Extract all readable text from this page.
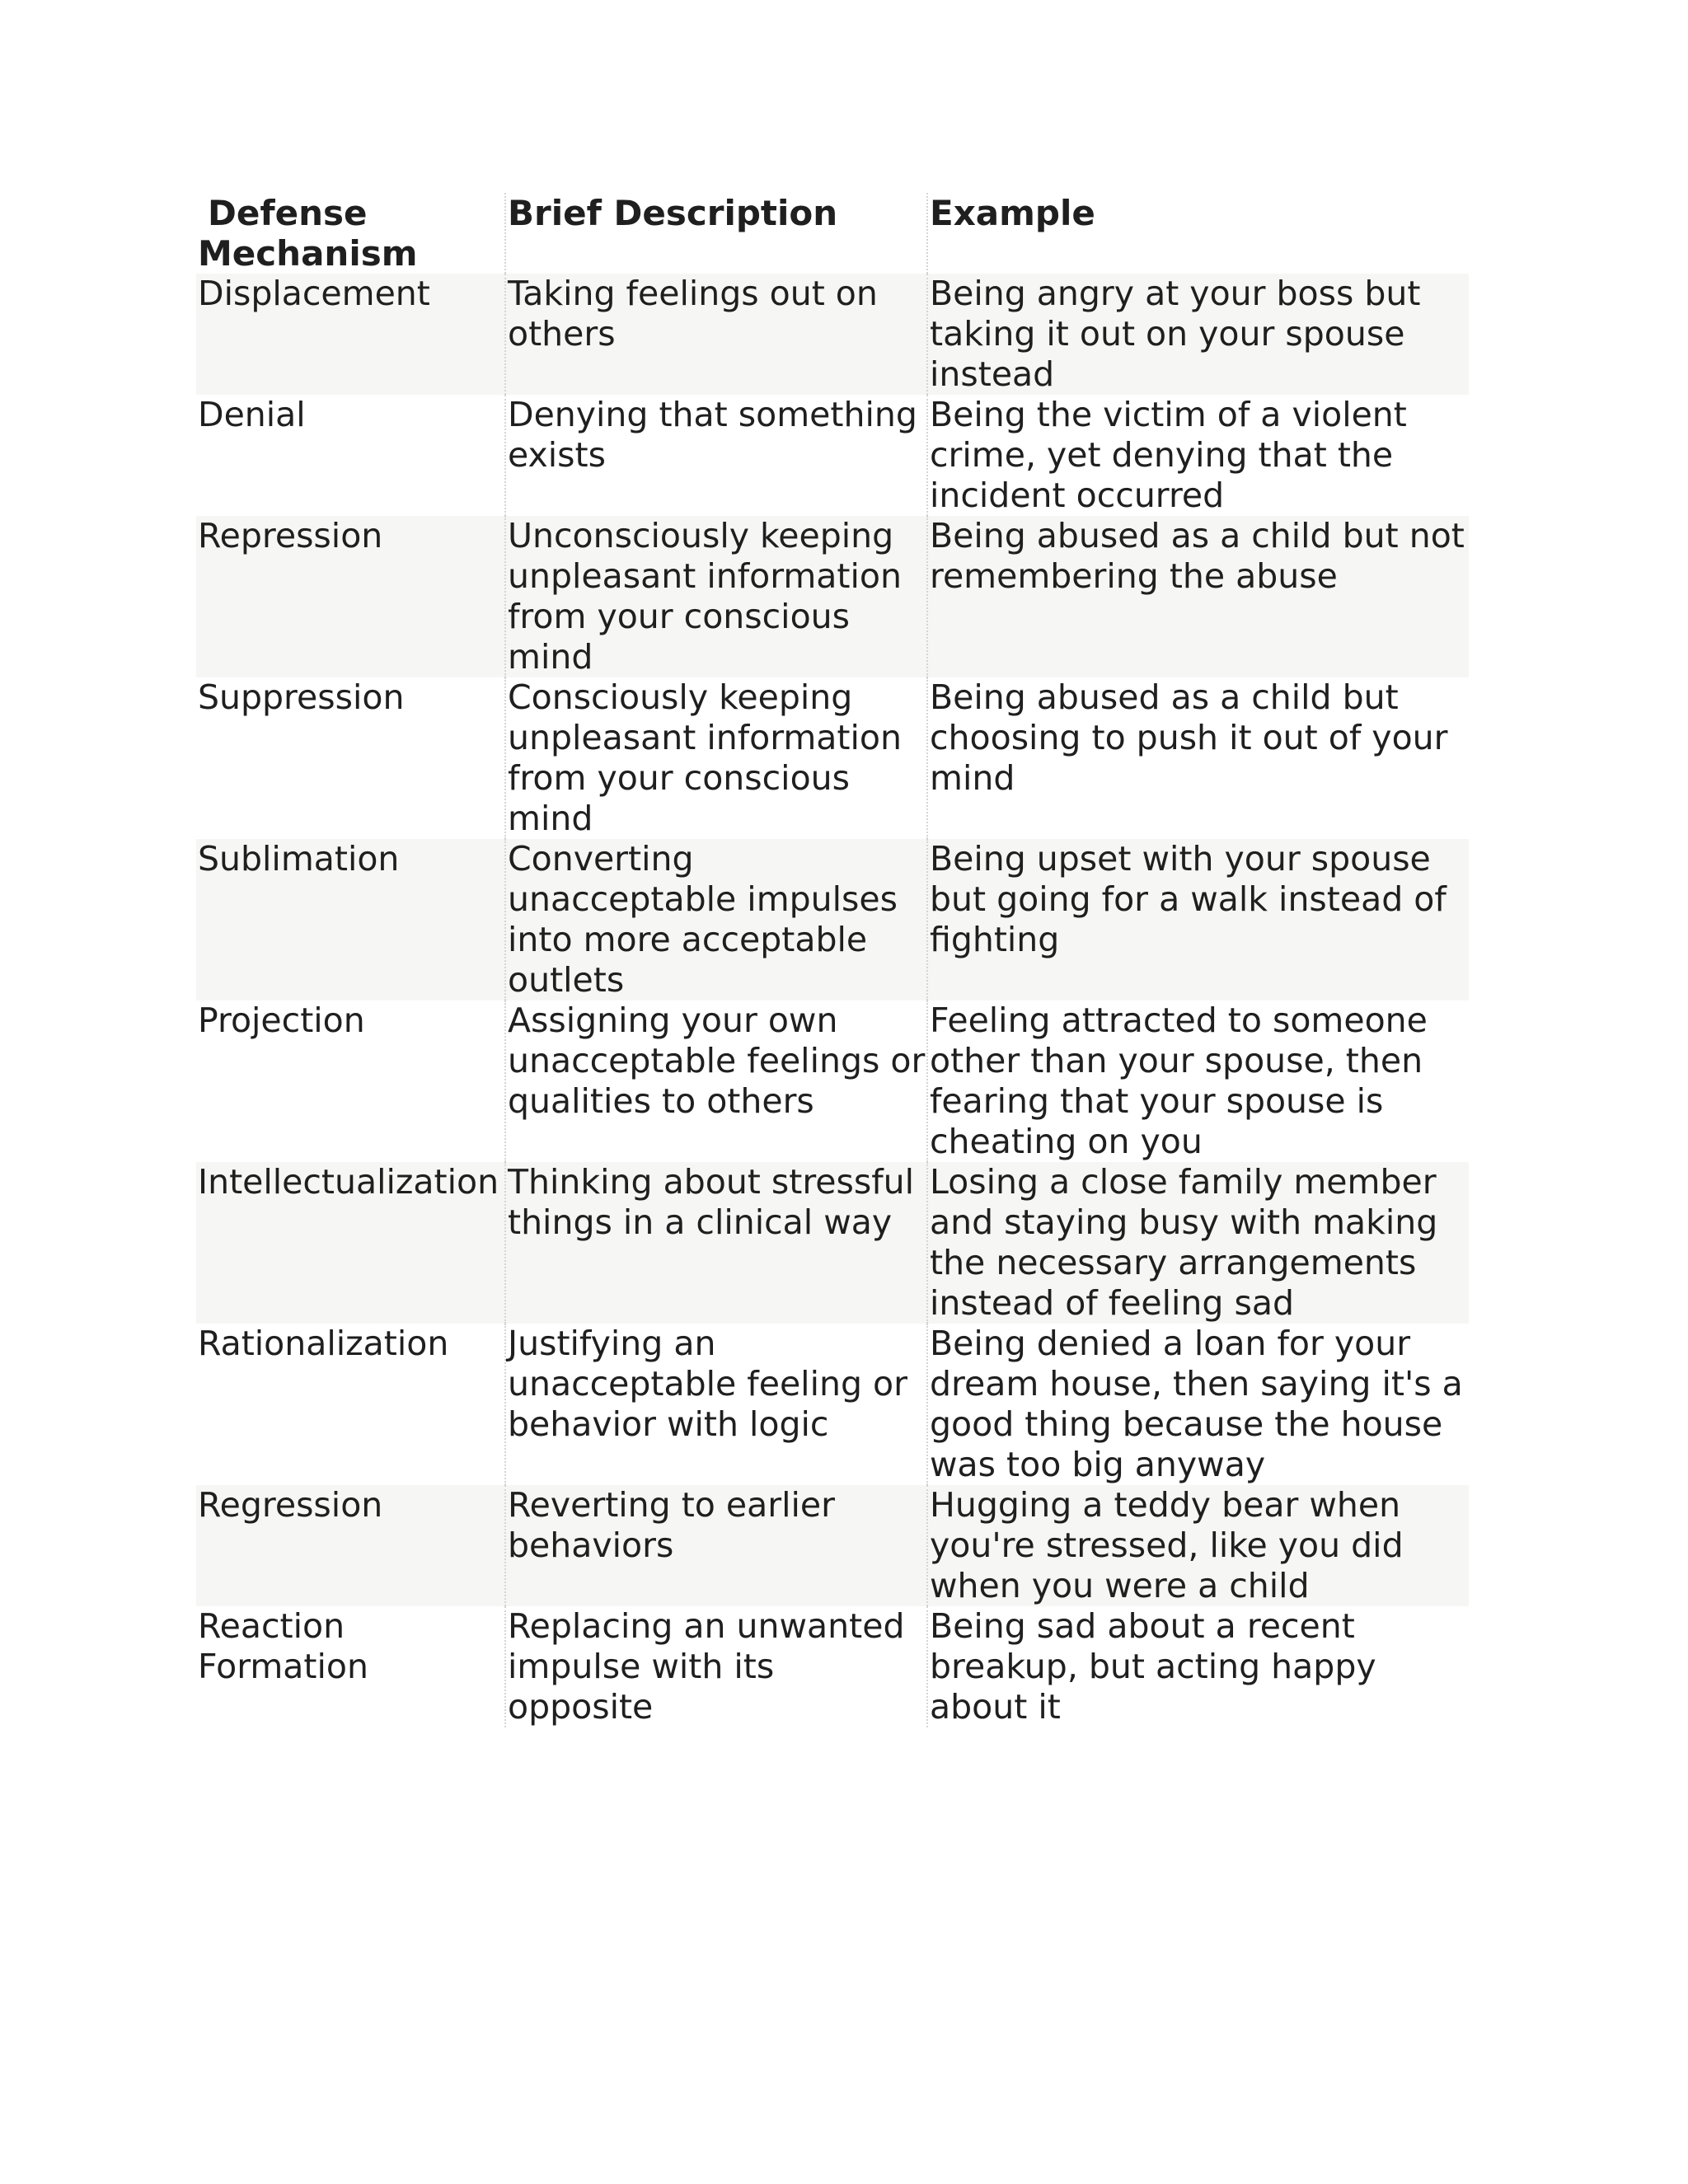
Defense
Mechanism	Brief Description	Example
Displacement	Taking feelings out on others	Being angry at your boss but taking it out on your spouse instead
Denial	Denying that something exists	Being the victim of a violent crime, yet denying that the incident occurred
Repression	Unconsciously keeping unpleasant information from your conscious mind	Being abused as a child but not remembering the abuse
Suppression	Consciously keeping unpleasant information from your conscious mind	Being abused as a child but choosing to push it out of your mind
Sublimation	Converting unacceptable impulses into more acceptable outlets	Being upset with your spouse but going for a walk instead of fighting
Projection	Assigning your own unacceptable feelings or qualities to others	Feeling attracted to someone other than your spouse, then fearing that your spouse is cheating on you
Intellectualization	Thinking about stressful things in a clinical way	Losing a close family member and staying busy with making the necessary arrangements instead of feeling sad
Rationalization	Justifying an unacceptable feeling or behavior with logic	Being denied a loan for your dream house, then saying it's a good thing because the house was too big anyway
Regression	Reverting to earlier behaviors	Hugging a teddy bear when you're stressed, like you did when you were a child
Reaction Formation	Replacing an unwanted impulse with its opposite	Being sad about a recent breakup, but acting happy about it
